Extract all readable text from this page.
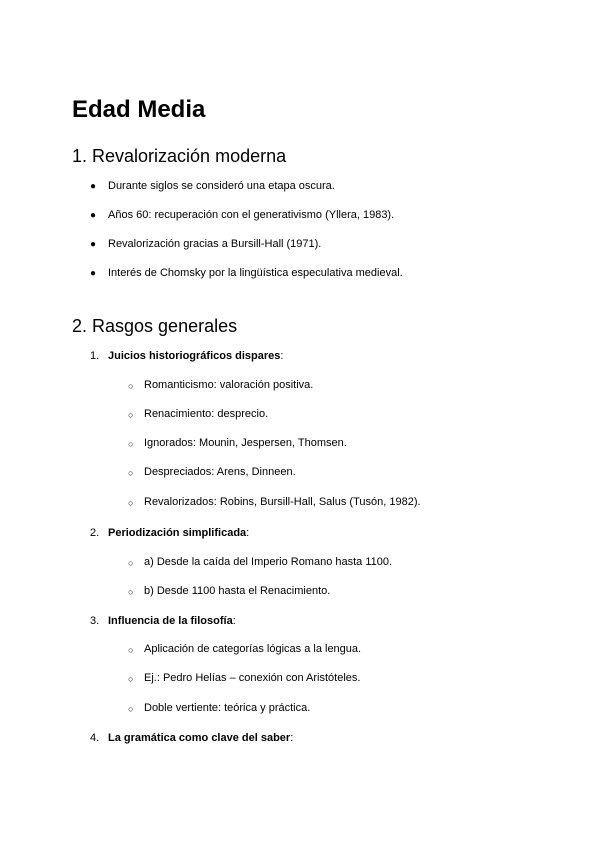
Edad Media
1. Revalorización moderna
● Durante siglos se consideró una etapa oscura.
● Años 60: recuperación con el generativismo (Yllera, 1983).
● Revalorización gracias a Bursill-Hall (1971).
● Interés de Chomsky por la lingüística especulativa medieval.
2. Rasgos generales
1. Juicios historiográficos dispares:
○ Romanticismo: valoración positiva.
○ Renacimiento: desprecio.
○ Ignorados: Mounin, Jespersen, Thomsen.
○ Despreciados: Arens, Dinneen.
○ Revalorizados: Robins, Bursill-Hall, Salus (Tusón, 1982).
2. Periodización simplificada:
○ a) Desde la caída del Imperio Romano hasta 1100.
○ b) Desde 1100 hasta el Renacimiento.
3. Influencia de la filosofía:
○ Aplicación de categorías lógicas a la lengua.
○ Ej.: Pedro Helías – conexión con Aristóteles.
○ Doble vertiente: teórica y práctica.
4. La gramática como clave del saber:
